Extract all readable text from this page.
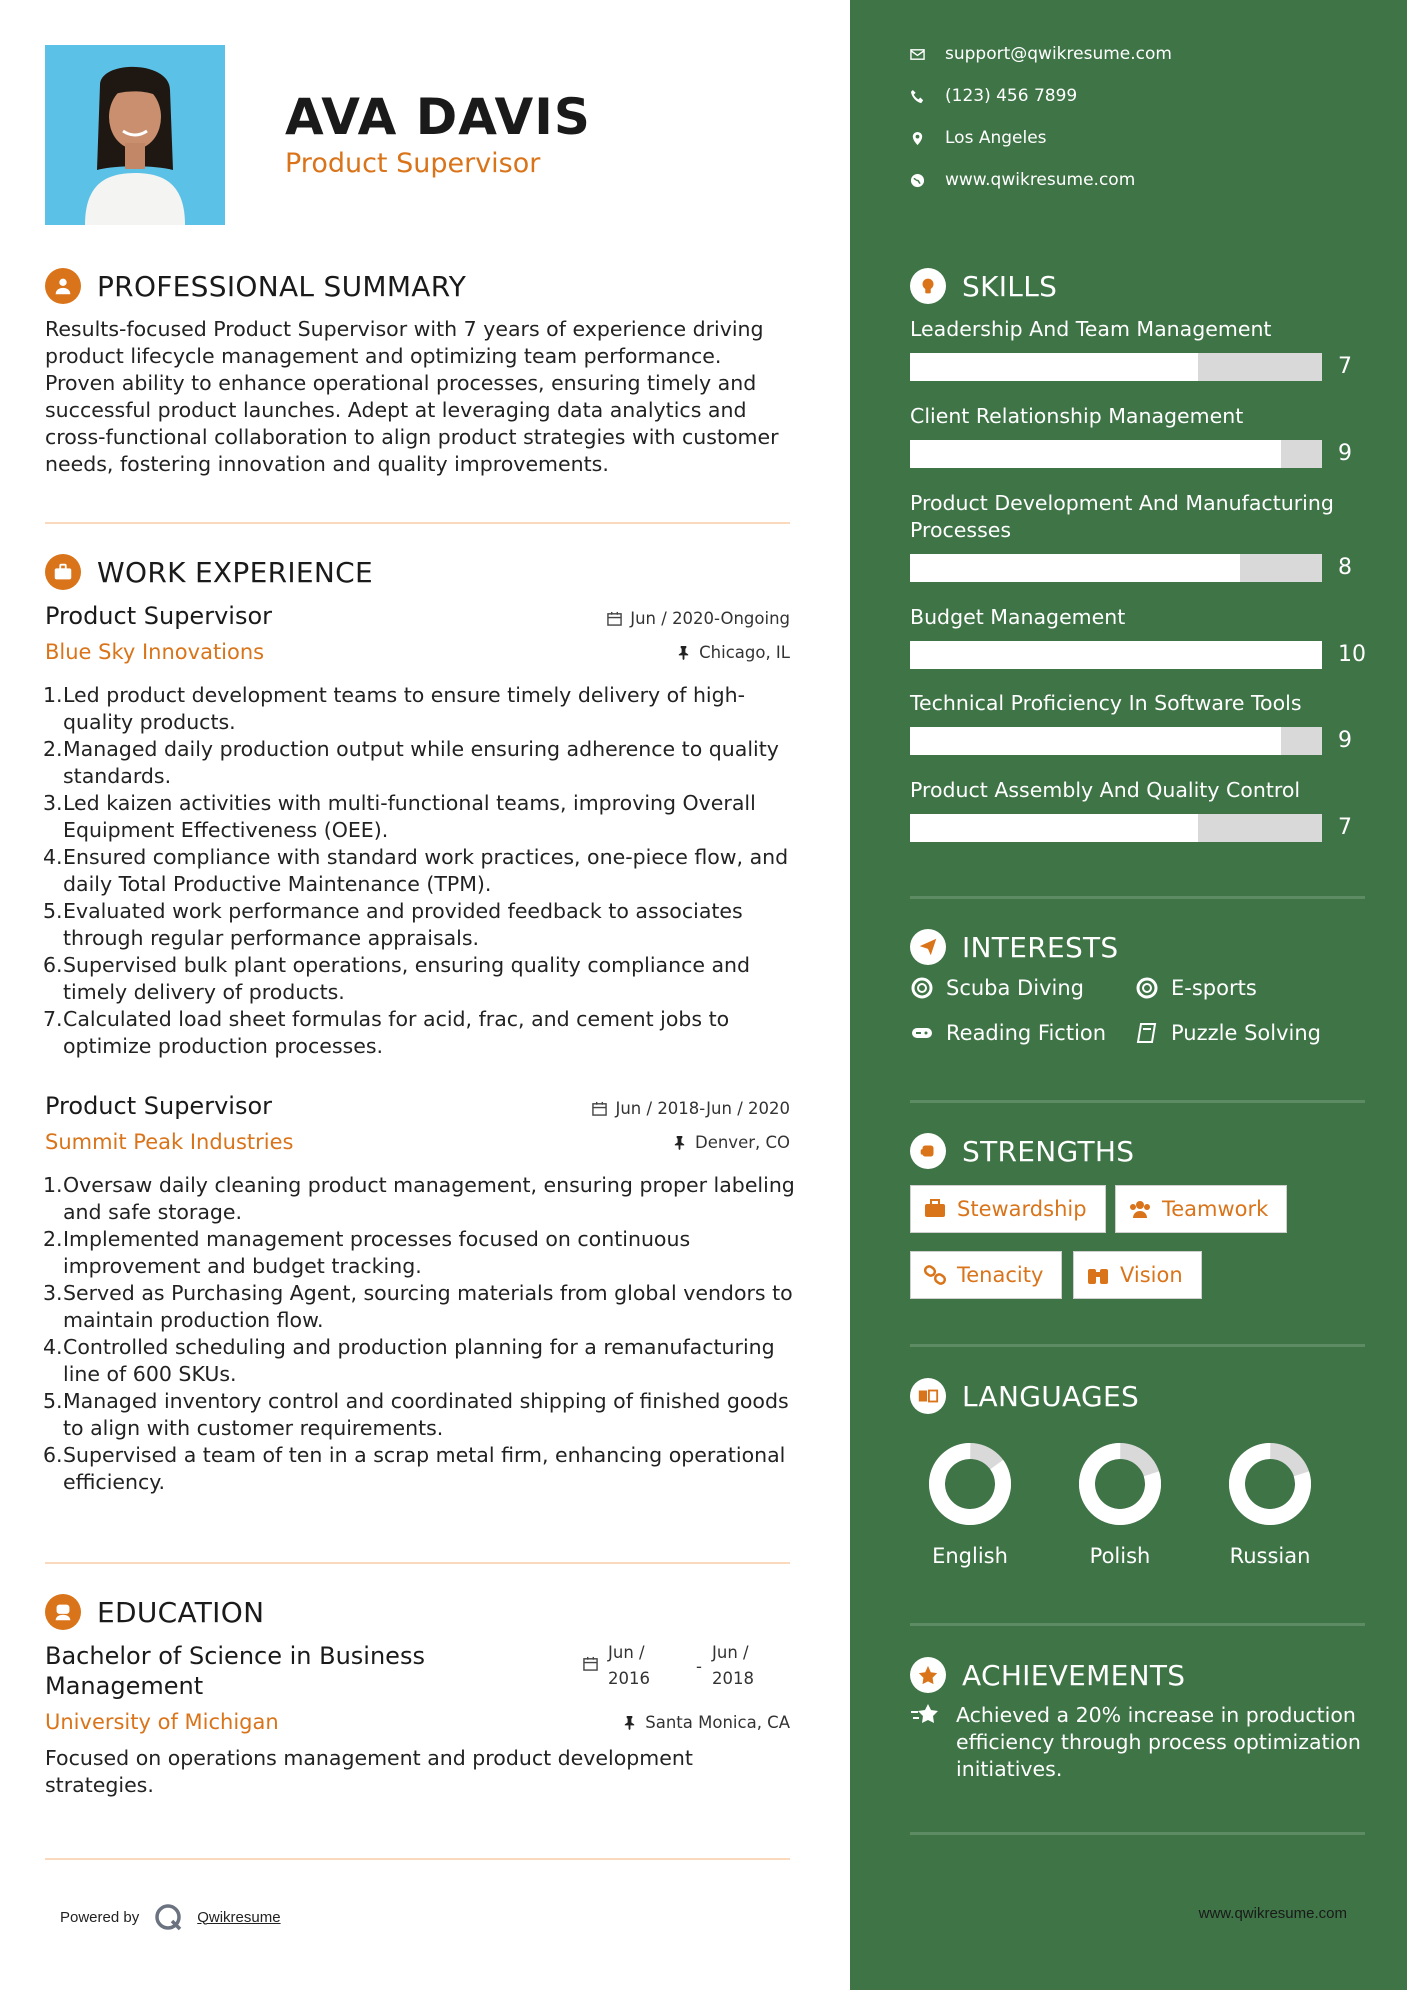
AVA DAVIS
Product Supervisor
PROFESSIONAL SUMMARY
Results-focused Product Supervisor with 7 years of experience driving product lifecycle management and optimizing team performance. Proven ability to enhance operational processes, ensuring timely and successful product launches. Adept at leveraging data analytics and cross-functional collaboration to align product strategies with customer needs, fostering innovation and quality improvements.
WORK EXPERIENCE
Product Supervisor
Blue Sky Innovations
Jun / 2020-Ongoing
Chicago, IL
1. Led product development teams to ensure timely delivery of high-quality products.
2. Managed daily production output while ensuring adherence to quality standards.
3. Led kaizen activities with multi-functional teams, improving Overall Equipment Effectiveness (OEE).
4. Ensured compliance with standard work practices, one-piece flow, and daily Total Productive Maintenance (TPM).
5. Evaluated work performance and provided feedback to associates through regular performance appraisals.
6. Supervised bulk plant operations, ensuring quality compliance and timely delivery of products.
7. Calculated load sheet formulas for acid, frac, and cement jobs to optimize production processes.
Product Supervisor
Summit Peak Industries
Jun / 2018-Jun / 2020
Denver, CO
1. Oversaw daily cleaning product management, ensuring proper labeling and safe storage.
2. Implemented management processes focused on continuous improvement and budget tracking.
3. Served as Purchasing Agent, sourcing materials from global vendors to maintain production flow.
4. Controlled scheduling and production planning for a remanufacturing line of 600 SKUs.
5. Managed inventory control and coordinated shipping of finished goods to align with customer requirements.
6. Supervised a team of ten in a scrap metal firm, enhancing operational efficiency.
EDUCATION
Bachelor of Science in Business Management
University of Michigan
Jun /
2016
-
Jun /
2018
Santa Monica, CA
Focused on operations management and product development strategies.
Powered by	Qwikresume
support@qwikresume.com
(123) 456 7899
Los Angeles
www.qwikresume.com
SKILLS
Leadership And Team Management
7
Client Relationship Management
9
Product Development And Manufacturing Processes
8
Budget Management
10
Technical Proficiency In Software Tools
9
Product Assembly And Quality Control
7
INTERESTS
Scuba Diving	E-sports
Reading Fiction	Puzzle Solving
STRENGTHS
Stewardship	Teamwork
Tenacity	Vision
LANGUAGES
English	Polish	Russian
ACHIEVEMENTS
Achieved a 20% increase in production efficiency through process optimization initiatives.
www.qwikresume.com
